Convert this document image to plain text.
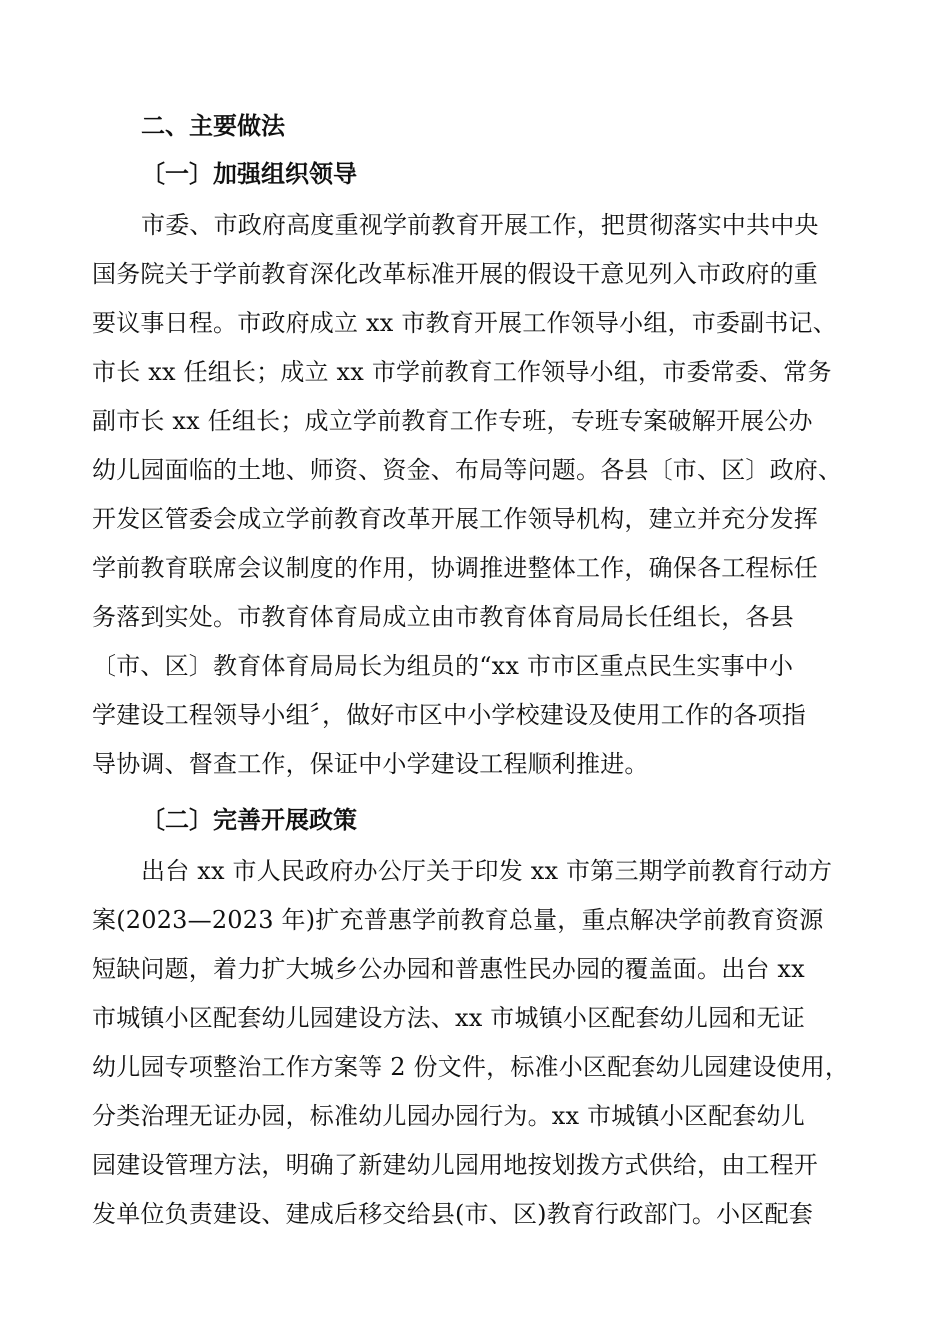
二、主要做法
〔一〕加强组织领导
市委、市政府高度重视学前教育开展工作，把贯彻落实中共中央
国务院关于学前教育深化改革标准开展的假设干意见列入市政府的重
要议事日程。市政府成立 xx 市教育开展工作领导小组，市委副书记、
市长 xx 任组长；成立 xx 市学前教育工作领导小组，市委常委、常务
副市长 xx 任组长；成立学前教育工作专班，专班专案破解开展公办
幼儿园面临的土地、师资、资金、布局等问题。各县〔市、区〕政府、
开发区管委会成立学前教育改革开展工作领导机构，建立并充分发挥
学前教育联席会议制度的作用，协调推进整体工作，确保各工程标任
务落到实处。市教育体育局成立由市教育体育局局长任组长，各县
〔市、区〕教育体育局局长为组员的“xx 市市区重点民生实事中小
学建设工程领导小组〞，做好市区中小学校建设及使用工作的各项指
导协调、督查工作，保证中小学建设工程顺利推进。
〔二〕完善开展政策
出台 xx 市人民政府办公厅关于印发 xx 市第三期学前教育行动方
案(2023—2023 年)扩充普惠学前教育总量，重点解决学前教育资源
短缺问题，着力扩大城乡公办园和普惠性民办园的覆盖面。出台 xx
市城镇小区配套幼儿园建设方法、xx 市城镇小区配套幼儿园和无证
幼儿园专项整治工作方案等 2 份文件，标准小区配套幼儿园建设使用，
分类治理无证办园，标准幼儿园办园行为。xx 市城镇小区配套幼儿
园建设管理方法，明确了新建幼儿园用地按划拨方式供给，由工程开
发单位负责建设、建成后移交给县(市、区)教育行政部门。小区配套
